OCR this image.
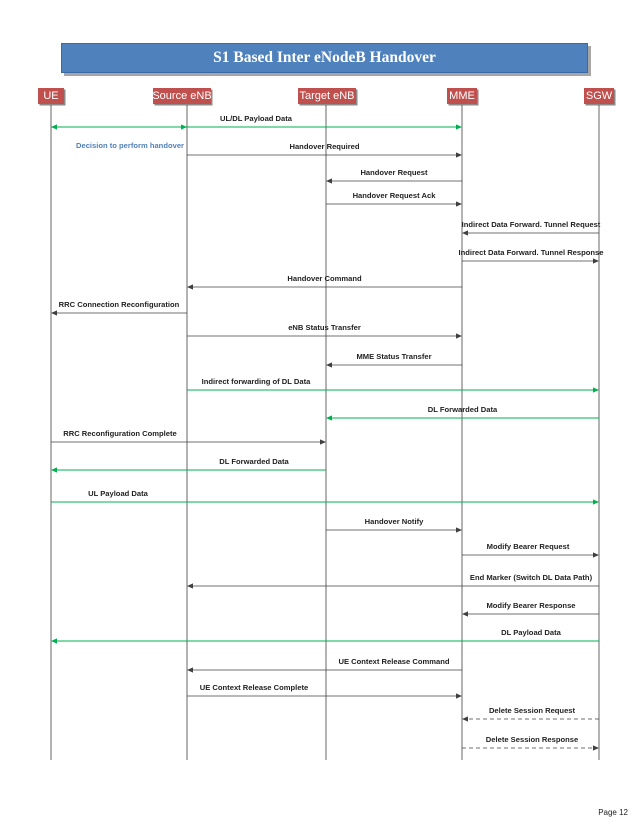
S1 Based Inter eNodeB Handover
UE	Source eNB	Target eNB	MME	SGW
Decision to perform handover
UL/DL Payload Data
Handover Required
Handover Request
Handover Request Ack
Indirect Data Forward. Tunnel Request
Indirect Data Forward. Tunnel Response
Handover Command
RRC Connection Reconfiguration
eNB Status Transfer
MME Status Transfer
Indirect forwarding of DL Data
DL Forwarded Data
RRC Reconfiguration Complete
DL Forwarded Data
UL Payload Data
Handover Notify
Modify Bearer Request
End Marker (Switch DL Data Path)
Modify Bearer Response
DL Payload Data
UE Context Release Command
UE Context Release Complete
Delete Session Request
Delete Session Response
Page 12
